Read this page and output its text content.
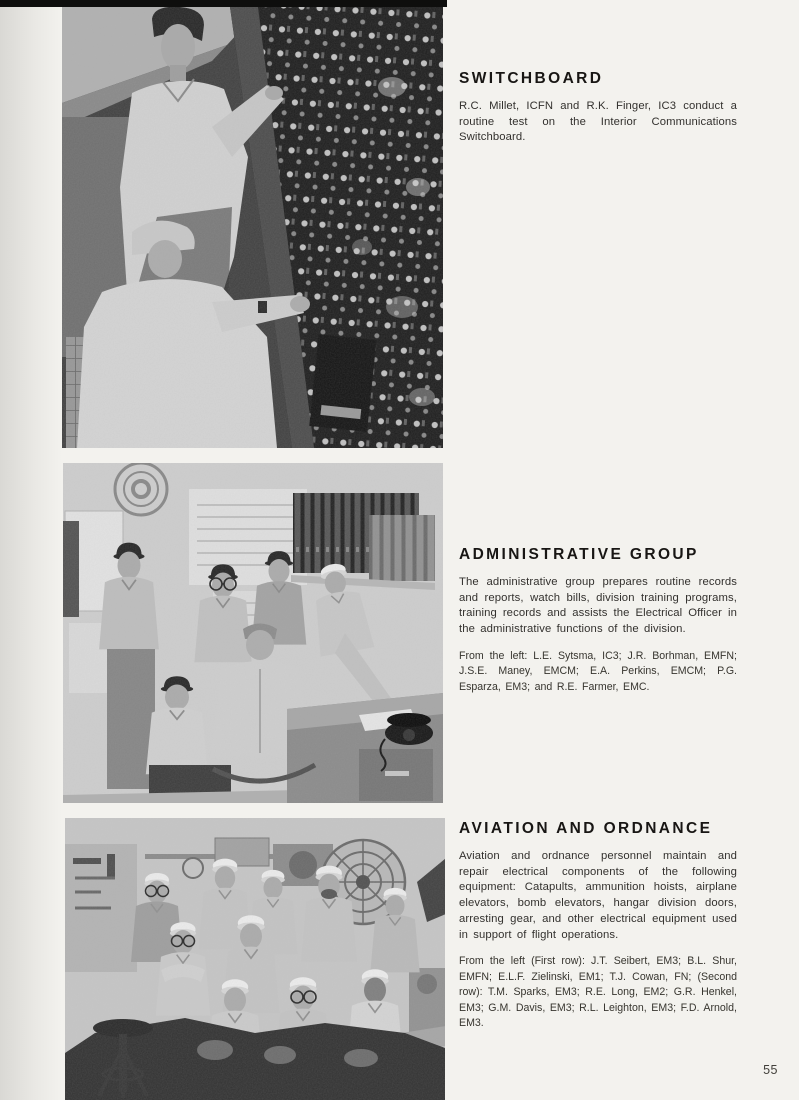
SWITCHBOARD

R.C. Millet, ICFN and R.K. Finger, IC3 conduct a routine test on the Interior Communications Switchboard.

ADMINISTRATIVE GROUP

The administrative group prepares routine records and reports, watch bills, division training programs, training records and assists the Electrical Officer in the administrative functions of the division.

From the left: L.E. Sytsma, IC3; J.R. Borhman, EMFN; J.S.E. Maney, EMCM; E.A. Perkins, EMCM; P.G. Esparza, EM3; and R.E. Farmer, EMC.

AVIATION AND ORDNANCE

Aviation and ordnance personnel maintain and repair electrical components of the following equipment: Catapults, ammunition hoists, airplane elevators, bomb elevators, hangar division doors, arresting gear, and other electrical equipment used in support of flight operations.

From the left (First row): J.T. Seibert, EM3; B.L. Shur, EMFN; E.L.F. Zielinski, EM1; T.J. Cowan, FN; (Second row): T.M. Sparks, EM3; R.E. Long, EM2; G.R. Henkel, EM3; G.M. Davis, EM3; R.L. Leighton, EM3; F.D. Arnold, EM3.

55
